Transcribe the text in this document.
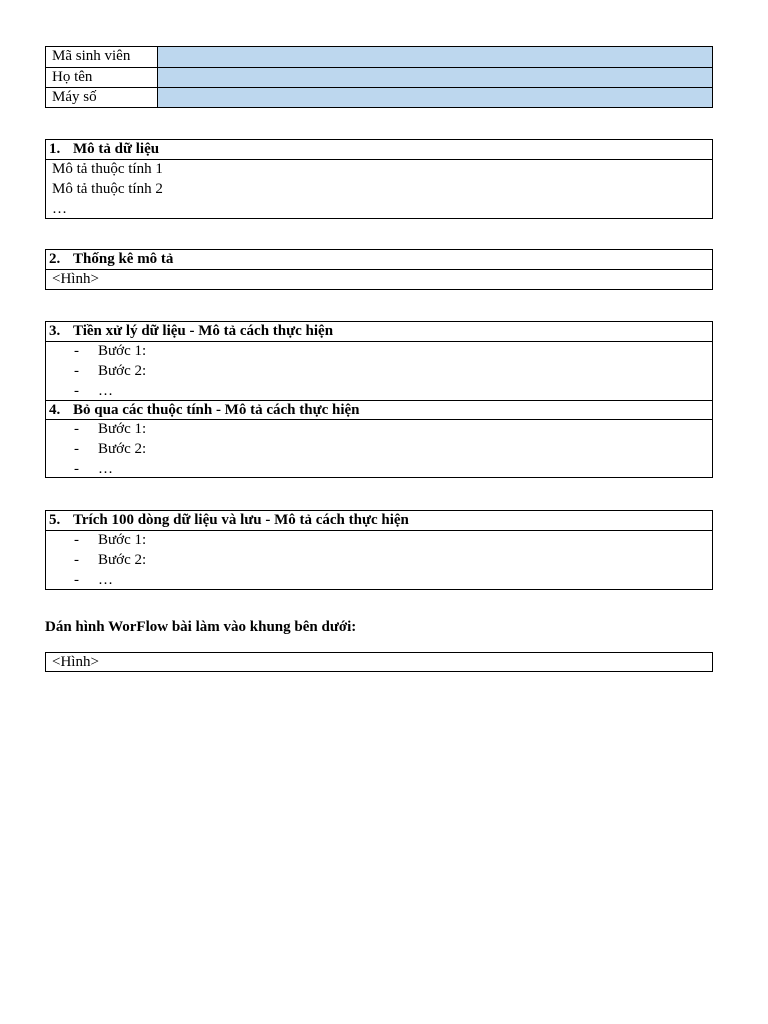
Mã sinh viên
Họ tên
Máy số
1. Mô tả dữ liệu
Mô tả thuộc tính 1
Mô tả thuộc tính 2
…
2. Thống kê mô tả
<Hình>
3. Tiền xử lý dữ liệu - Mô tả cách thực hiện
-	Bước 1:
-	Bước 2:
-	…
4. Bỏ qua các thuộc tính - Mô tả cách thực hiện
-	Bước 1:
-	Bước 2:
-	…
5. Trích 100 dòng dữ liệu và lưu - Mô tả cách thực hiện
-	Bước 1:
-	Bước 2:
-	…
Dán hình WorFlow bài làm vào khung bên dưới:
<Hình>
